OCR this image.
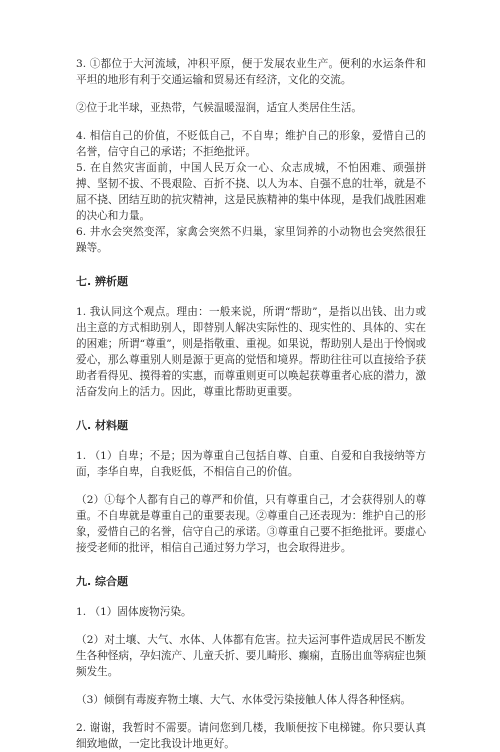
3. ①都位于大河流域，冲积平原，便于发展农业生产。便利的水运条件和平坦的地形有利于交通运输和贸易还有经济，文化的交流。
②位于北半球，亚热带，气候温暖湿润，适宜人类居住生活。
4. 相信自己的价值，不贬低自己，不自卑；维护自己的形象，爱惜自己的名誉，信守自己的承诺；不拒绝批评。
5. 在自然灾害面前，中国人民万众一心、众志成城，不怕困难、顽强拼搏、坚韧不拔、不畏艰险、百折不挠、以人为本、自强不息的壮举，就是不屈不挠、团结互助的抗灾精神，这是民族精神的集中体现，是我们战胜困难的决心和力量。
6. 井水会突然变浑，家禽会突然不归巢，家里饲养的小动物也会突然很狂躁等。
七. 辨析题
1. 我认同这个观点。理由：一般来说，所谓“帮助”，是指以出钱、出力或出主意的方式相助别人，即替别人解决实际性的、现实性的、具体的、实在的困难；所谓“尊重”，则是指敬重、重视。如果说，帮助别人是出于怜悯或爱心，那么尊重别人则是源于更高的觉悟和境界。帮助往往可以直接给予获助者看得见、摸得着的实惠，而尊重则更可以唤起获尊重者心底的潜力，激活奋发向上的活力。因此，尊重比帮助更重要。
八. 材料题
1. （1）自卑；不是；因为尊重自己包括自尊、自重、自爱和自我接纳等方面，李华自卑，自我贬低，不相信自己的价值。
（2）①每个人都有自己的尊严和价值，只有尊重自己，才会获得别人的尊重。不自卑就是尊重自己的重要表现。②尊重自己还表现为：维护自己的形象，爱惜自己的名誉，信守自己的承诺。③尊重自己要不拒绝批评。要虚心接受老师的批评，相信自己通过努力学习，也会取得进步。
九. 综合题
1. （1）固体废物污染。
（2）对土壤、大气、水体、人体都有危害。拉夫运河事件造成居民不断发生各种怪病，孕妇流产、儿童夭折、要儿畸形、癫痫，直肠出血等病症也频频发生。
（3）倾倒有毒废弃物土壤、大气、水体受污染接触人体人得各种怪病。
2. 谢谢，我暂时不需要。请问您到几楼，我顺便按下电梯键。你只要认真细致地做，一定比我设计地更好。
